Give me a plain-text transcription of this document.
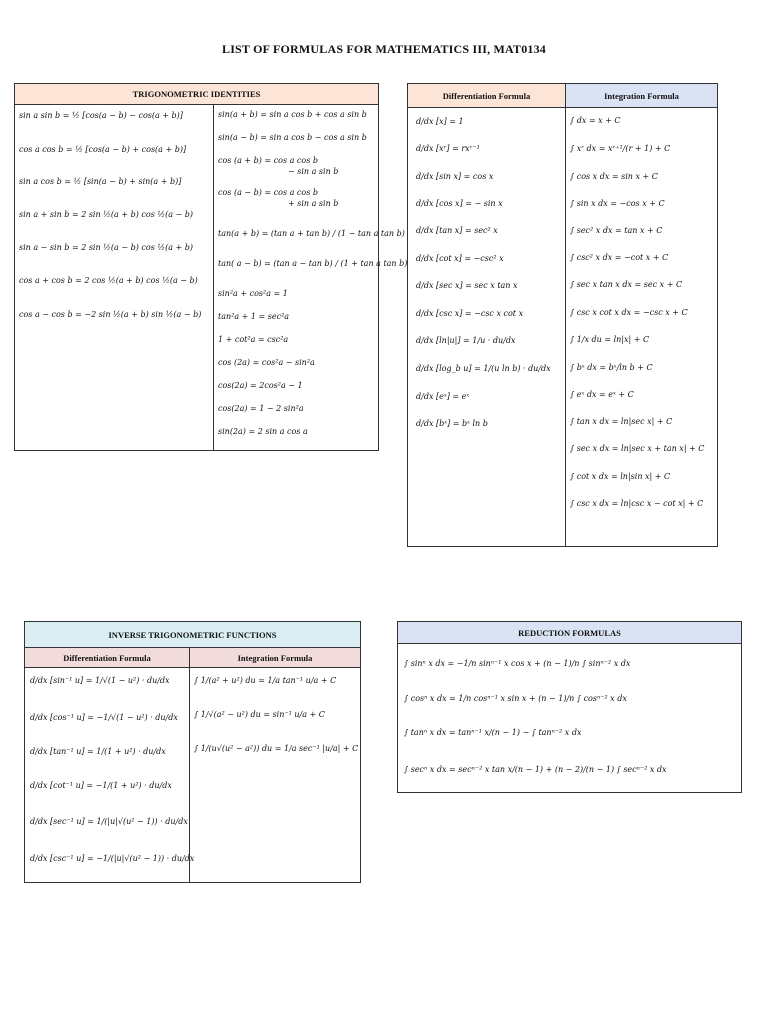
LIST OF FORMULAS FOR MATHEMATICS III, MAT0134
TRIGONOMETRIC IDENTITIES
sin a sin b = ½ [cos(a − b) − cos(a + b)]
cos a cos b = ½ [cos(a − b) + cos(a + b)]
sin a cos b = ½ [sin(a − b) + sin(a + b)]
sin a + sin b = 2 sin ½(a + b) cos ½(a − b)
sin a − sin b = 2 sin ½(a − b) cos ½(a + b)
cos a + cos b = 2 cos ½(a + b) cos ½(a − b)
cos a − cos b = −2 sin ½(a + b) sin ½(a − b)
sin(a + b) = sin a cos b + cos a sin b
sin(a − b) = sin a cos b − cos a sin b
cos (a + b) = cos a cos b
− sin a sin b
cos (a − b) = cos a cos b
+ sin a sin b
tan(a + b) = (tan a + tan b) / (1 − tan a tan b)
tan( a − b) = (tan a − tan b) / (1 + tan a tan b)
sin²a + cos²a = 1
tan²a + 1 = sec²a
1 + cot²a = csc²a
cos (2a) = cos²a − sin²a
cos(2a) = 2cos²a − 1
cos(2a) = 1 − 2 sin²a
sin(2a) = 2 sin a cos a
Differentiation Formula
d/dx [x] = 1
d/dx [xʳ] = rxʳ⁻¹
d/dx [sin x] = cos x
d/dx [cos x] = − sin x
d/dx [tan x] = sec² x
d/dx [cot x] = −csc² x
d/dx [sec x] = sec x tan x
d/dx [csc x] = −csc x cot x
d/dx [ln|u|] = 1/u · du/dx
d/dx [log_b u] = 1/(u ln b) · du/dx
d/dx [eˣ] = eˣ
d/dx [bˣ] = bˣ ln b
Integration Formula
∫ dx = x + C
∫ xʳ dx = xʳ⁺¹/(r + 1) + C
∫ cos x dx = sin x + C
∫ sin x dx = −cos x + C
∫ sec² x dx = tan x + C
∫ csc² x dx = −cot x + C
∫ sec x tan x dx = sec x + C
∫ csc x cot x dx = −csc x + C
∫ 1/x du = ln|x| + C
∫ bˣ dx = bˣ/ln b + C
∫ eˣ dx = eˣ + C
∫ tan x dx = ln|sec x| + C
∫ sec x dx = ln|sec x + tan x| + C
∫ cot x dx = ln|sin x| + C
∫ csc x dx = ln|csc x − cot x| + C
INVERSE TRIGONOMETRIC FUNCTIONS
Differentiation Formula
d/dx [sin⁻¹ u] = 1/√(1 − u²) · du/dx
d/dx [cos⁻¹ u] = −1/√(1 − u²) · du/dx
d/dx [tan⁻¹ u] = 1/(1 + u²) · du/dx
d/dx [cot⁻¹ u] = −1/(1 + u²) · du/dx
d/dx [sec⁻¹ u] = 1/(|u|√(u² − 1)) · du/dx
d/dx [csc⁻¹ u] = −1/(|u|√(u² − 1)) · du/dx
Integration Formula
∫ 1/(a² + u²) du = 1/a tan⁻¹ u/a + C
∫ 1/√(a² − u²) du = sin⁻¹ u/a + C
∫ 1/(u√(u² − a²)) du = 1/a sec⁻¹ |u/a| + C
REDUCTION FORMULAS
∫ sinⁿ x dx = −1/n sinⁿ⁻¹ x cos x + (n − 1)/n ∫ sinⁿ⁻² x dx
∫ cosⁿ x dx = 1/n cosⁿ⁻¹ x sin x + (n − 1)/n ∫ cosⁿ⁻² x dx
∫ tanⁿ x dx = tanⁿ⁻¹ x/(n − 1) − ∫ tanⁿ⁻² x dx
∫ secⁿ x dx = secⁿ⁻² x tan x/(n − 1) + (n − 2)/(n − 1) ∫ secⁿ⁻² x dx
